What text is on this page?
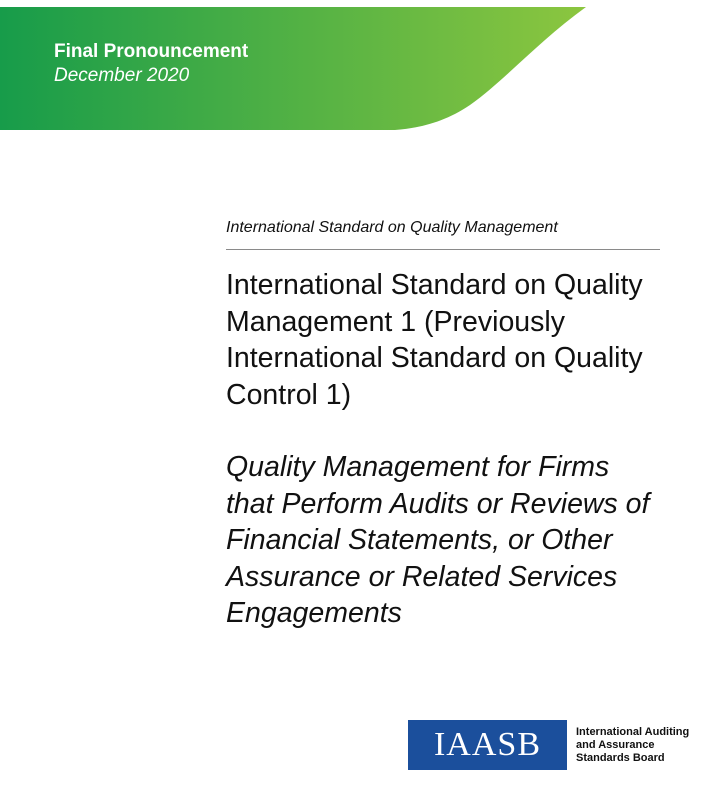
Final Pronouncement
December 2020
International Standard on Quality Management
International Standard on Quality
Management 1 (Previously
International Standard on Quality
Control 1)
Quality Management for Firms
that Perform Audits or Reviews of
Financial Statements, or Other
Assurance or Related Services
Engagements
IAASB	International Auditing
and Assurance
Standards Board
